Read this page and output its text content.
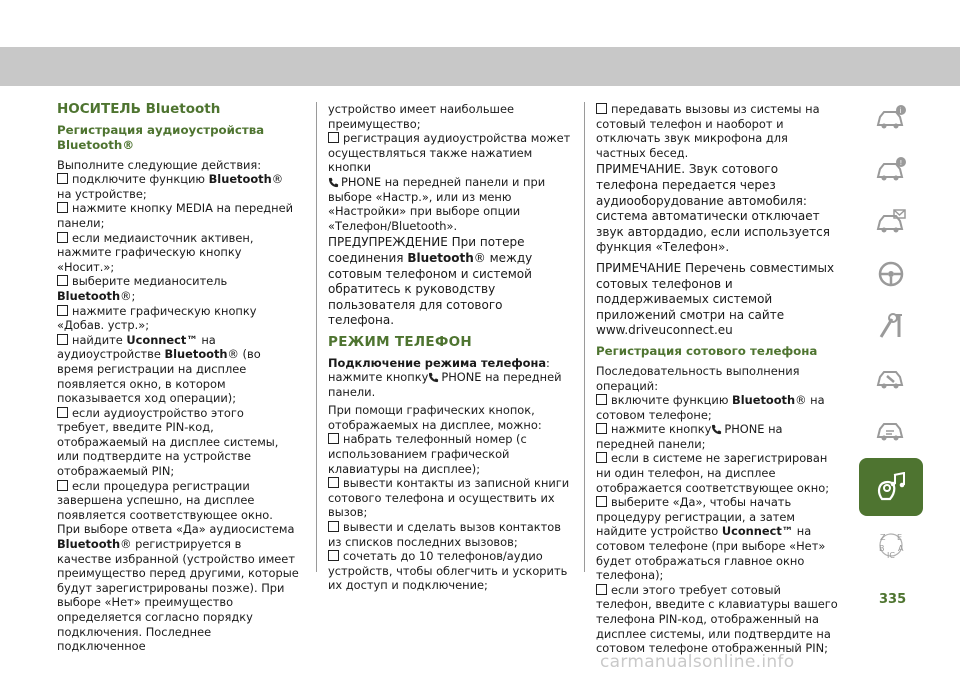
НОСИТЕЛЬ Bluetooth
Регистрация аудиоустройства Bluetooth®

Выполните следующие действия:

подключите функцию Bluetooth® на устройстве;

нажмите кнопку MEDIA на передней панели;

если медиаисточник активен, нажмите графическую кнопку «Носит.»;

выберите медианоситель Bluetooth®;

нажмите графическую кнопку «Добав. устр.»;

найдите Uconnect™ на аудиоустройстве Bluetooth® (во время регистрации на дисплее появляется окно, в котором показывается ход операции);

если аудиоустройство этого требует, введите PIN-код, отображаемый на дисплее системы, или подтвердите на устройстве отображаемый PIN;

если процедура регистрации завершена успешно, на дисплее появляется соответствующее окно. При выборе ответа «Да» аудиосистема Bluetooth® регистрируется в качестве избранной (устройство имеет преимущество перед другими, которые будут зарегистрированы позже). При выборе «Нет» преимущество определяется согласно порядку подключения. Последнее подключенное

устройство имеет наибольшее преимущество;

регистрация аудиоустройства может осуществляться также нажатием кнопки
PHONE на передней панели и при выборе «Настр.», или из меню «Настройки» при выборе опции «Телефон/Bluetooth».

ПРЕДУПРЕЖДЕНИЕ При потере соединения Bluetooth® между сотовым телефоном и системой обратитесь к руководству пользователя для сотового телефона.

РЕЖИМ ТЕЛЕФОН

Подключение режима телефона:
нажмите кнопку PHONE на передней панели.

При помощи графических кнопок, отображаемых на дисплее, можно:

набрать телефонный номер (с использованием графической клавиатуры на дисплее);

вывести контакты из записной книги сотового телефона и осуществить их вызов;

вывести и сделать вызов контактов из списков последних вызовов;

сочетать до 10 телефонов/аудио устройств, чтобы облегчить и ускорить их доступ и подключение;

передавать вызовы из системы на сотовый телефон и наоборот и отключать звук микрофона для частных бесед.

ПРИМЕЧАНИЕ. Звук сотового телефона передается через аудиооборудование автомобиля: система автоматически отключает звук автордадио, если используется функция «Телефон».

ПРИМЕЧАНИЕ Перечень совместимых сотовых телефонов и поддерживаемых системой приложений смотри на сайте www.driveuconnect.eu

Регистрация сотового телефона

Последовательность выполнения операций:

включите функцию Bluetooth® на сотовом телефоне;

нажмите кнопку PHONE на передней панели;

если в системе не зарегистрирован ни один телефон, на дисплее отображается соответствующее окно;

выберите «Да», чтобы начать процедуру регистрации, а затем найдите устройство Uconnect™ на сотовом телефоне (при выборе «Нет» будет отображаться главное окно телефона);

если этого требует сотовый телефон, введите с клавиатуры вашего телефона PIN-код, отображенный на дисплее системы, или подтвердите на сотовом телефоне отображенный PIN;

i
!
Z E
B A
IC
335
carmanualsonline.info
